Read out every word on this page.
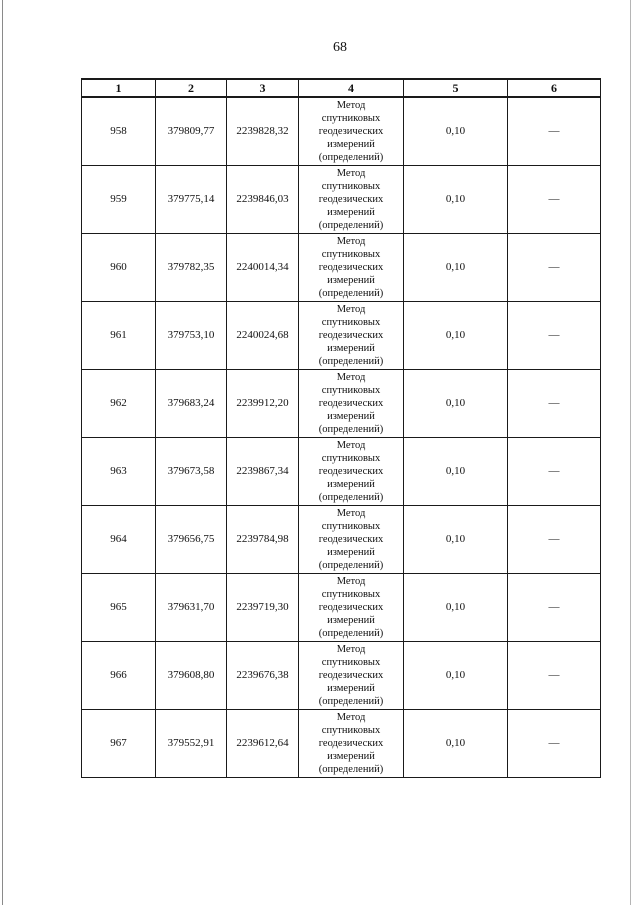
68
1	2	3	4	5	6
958	379809,77	2239828,32	Метод
спутниковых
геодезических
измерений
(определений)	0,10	—
959	379775,14	2239846,03	Метод
спутниковых
геодезических
измерений
(определений)	0,10	—
960	379782,35	2240014,34	Метод
спутниковых
геодезических
измерений
(определений)	0,10	—
961	379753,10	2240024,68	Метод
спутниковых
геодезических
измерений
(определений)	0,10	—
962	379683,24	2239912,20	Метод
спутниковых
геодезических
измерений
(определений)	0,10	—
963	379673,58	2239867,34	Метод
спутниковых
геодезических
измерений
(определений)	0,10	—
964	379656,75	2239784,98	Метод
спутниковых
геодезических
измерений
(определений)	0,10	—
965	379631,70	2239719,30	Метод
спутниковых
геодезических
измерений
(определений)	0,10	—
966	379608,80	2239676,38	Метод
спутниковых
геодезических
измерений
(определений)	0,10	—
967	379552,91	2239612,64	Метод
спутниковых
геодезических
измерений
(определений)	0,10	—
